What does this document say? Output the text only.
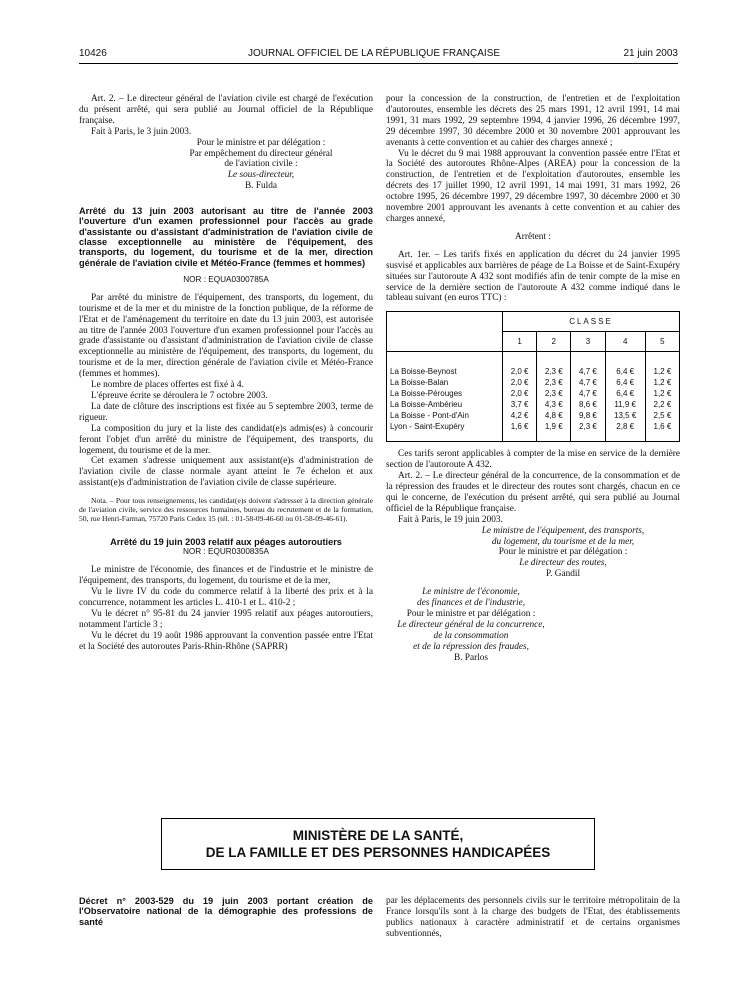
10426	JOURNAL OFFICIEL DE LA RÉPUBLIQUE FRANÇAISE	21 juin 2003

Art. 2. – Le directeur général de l'aviation civile est chargé de l'exécution du présent arrêté, qui sera publié au Journal officiel de la République française.

Fait à Paris, le 3 juin 2003.

Pour le ministre et par délégation :
Par empêchement du directeur général
de l'aviation civile :
Le sous-directeur,
B. Fulda

Arrêté du 13 juin 2003 autorisant au titre de l'année 2003 l'ouverture d'un examen professionnel pour l'accès au grade d'assistante ou d'assistant d'administration de l'aviation civile de classe exceptionnelle au ministère de l'équipement, des transports, du logement, du tourisme et de la mer, direction générale de l'aviation civile et Météo-France (femmes et hommes)

NOR : EQUA0300785A

Par arrêté du ministre de l'équipement, des transports, du logement, du tourisme et de la mer et du ministre de la fonction publique, de la réforme de l'Etat et de l'aménagement du territoire en date du 13 juin 2003, est autorisée au titre de l'année 2003 l'ouverture d'un examen professionnel pour l'accès au grade d'assistante ou d'assistant d'administration de l'aviation civile de classe exceptionnelle au ministère de l'équipement, des transports, du logement, du tourisme et de la mer, direction générale de l'aviation civile et Météo-France (femmes et hommes).

Le nombre de places offertes est fixé à 4.

L'épreuve écrite se déroulera le 7 octobre 2003.

La date de clôture des inscriptions est fixée au 5 septembre 2003, terme de rigueur.

La composition du jury et la liste des candidat(e)s admis(es) à concourir feront l'objet d'un arrêté du ministre de l'équipement, des transports, du logement, du tourisme et de la mer.

Cet examen s'adresse uniquement aux assistant(e)s d'administration de l'aviation civile de classe normale ayant atteint le 7e échelon et aux assistant(e)s d'administration de l'aviation civile de classe supérieure.

Nota. – Pour tous renseignements, les candidat(e)s doivent s'adresser à la direction générale de l'aviation civile, service des ressources humaines, bureau du recrutement et de la formation, 50, rue Henri-Farman, 75720 Paris Cedex 15 (tél. : 01-58-09-46-60 ou 01-58-09-46-61).

Arrêté du 19 juin 2003 relatif aux péages autoroutiers

NOR : EQUR0300835A

Le ministre de l'économie, des finances et de l'industrie et le ministre de l'équipement, des transports, du logement, du tourisme et de la mer,

Vu le livre IV du code du commerce relatif à la liberté des prix et à la concurrence, notamment les articles L. 410-1 et L. 410-2 ;

Vu le décret n° 95-81 du 24 janvier 1995 relatif aux péages autoroutiers, notamment l'article 3 ;

Vu le décret du 19 août 1986 approuvant la convention passée entre l'Etat et la Société des autoroutes Paris-Rhin-Rhône (SAPRR)

pour la concession de la construction, de l'entretien et de l'exploitation d'autoroutes, ensemble les décrets des 25 mars 1991, 12 avril 1991, 14 mai 1991, 31 mars 1992, 29 septembre 1994, 4 janvier 1996, 26 décembre 1997, 29 décembre 1997, 30 décembre 2000 et 30 novembre 2001 approuvant les avenants à cette convention et au cahier des charges annexé ;

Vu le décret du 9 mai 1988 approuvant la convention passée entre l'Etat et la Société des autoroutes Rhône-Alpes (AREA) pour la concession de la construction, de l'entretien et de l'exploitation d'autoroutes, ensemble les décrets des 17 juillet 1990, 12 avril 1991, 14 mai 1991, 31 mars 1992, 26 octobre 1995, 26 décembre 1997, 29 décembre 1997, 30 décembre 2000 et 30 novembre 2001 approuvant les avenants à cette convention et au cahier des charges annexé,

Arrêtent :

Art. 1er. – Les tarifs fixés en application du décret du 24 janvier 1995 susvisé et applicables aux barrières de péage de La Boisse et de Saint-Exupéry situées sur l'autoroute A 432 sont modifiés afin de tenir compte de la mise en service de la dernière section de l'autoroute A 432 comme indiqué dans le tableau suivant (en euros TTC) :

	CLASSE				
	1	2	3	4	5

La Boisse-Beynost	2,0 €	2,3 €	4,7 €	6,4 €	1,2 €
La Boisse-Balan	2,0 €	2,3 €	4,7 €	6,4 €	1,2 €
La Boisse-Pérouges	2,0 €	2,3 €	4,7 €	6,4 €	1,2 €
La Boisse-Ambérieu	3,7 €	4,3 €	8,6 €	11,9 €	2,2 €
La Boisse - Pont-d'Ain	4,2 €	4,8 €	9,8 €	13,5 €	2,5 €
Lyon - Saint-Exupéry	1,6 €	1,9 €	2,3 €	2,8 €	1,6 €

Ces tarifs seront applicables à compter de la mise en service de la dernière section de l'autoroute A 432.

Art. 2. – Le directeur général de la concurrence, de la consommation et de la répression des fraudes et le directeur des routes sont chargés, chacun en ce qui le concerne, de l'exécution du présent arrêté, qui sera publié au Journal officiel de la République française.

Fait à Paris, le 19 juin 2003.

Le ministre de l'équipement, des transports,
du logement, du tourisme et de la mer,
Pour le ministre et par délégation :
Le directeur des routes,
P. Gandil
Le ministre de l'économie,
des finances et de l'industrie,
Pour le ministre et par délégation :
Le directeur général de la concurrence,
de la consommation
et de la répression des fraudes,
B. Parlos
MINISTÈRE DE LA SANTÉ,
DE LA FAMILLE ET DES PERSONNES HANDICAPÉES

Décret n° 2003-529 du 19 juin 2003 portant création de l'Observatoire national de la démographie des professions de santé

par les déplacements des personnels civils sur le territoire métropolitain de la France lorsqu'ils sont à la charge des budgets de l'Etat, des établissements publics nationaux à caractère administratif et de certains organismes subventionnés,
